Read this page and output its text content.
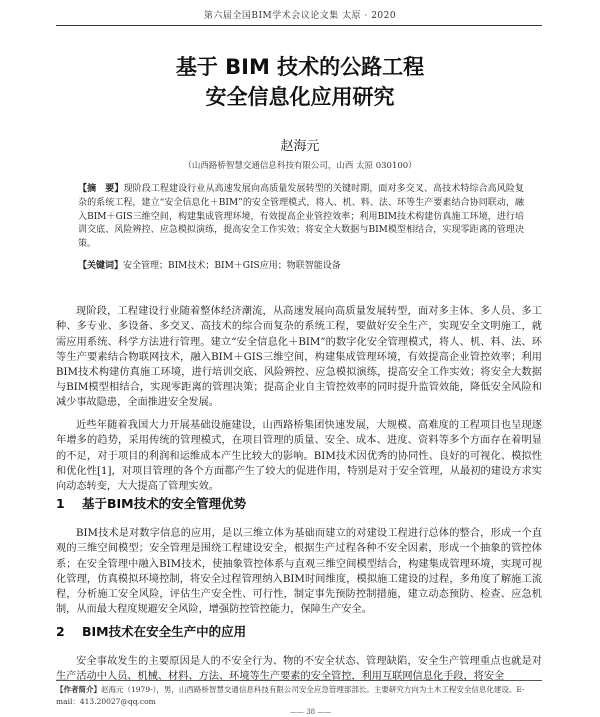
第六届全国BIM学术会议论文集 太原 · 2020
基于 BIM 技术的公路工程
安全信息化应用研究
赵海元
（山西路桥智慧交通信息科技有限公司，山西 太原 030100）
【摘　要】现阶段工程建设行业从高速发展向高质量发展转型的关键时期，面对多交叉、高技术特综合高风险复杂的系统工程，建立“安全信息化＋BIM”的安全管理模式，将人、机、料、法、环等生产要素结合协同联动，融入BIM＋GIS三维空间，构建集成管理环境，有效提高企业管控效率；利用BIM技术构建仿真施工环境，进行培训交底、风险辨控、应急模拟演练，提高安全工作实效；将安全大数据与BIM模型相结合，实现零距离的管理决策。
【关键词】安全管理；BIM技术；BIM＋GIS应用；物联智能设备

现阶段，工程建设行业随着整体经济潮流，从高速发展向高质量发展转型，面对多主体、多人员、多工种、多专业、多设备、多交叉、高技术的综合而复杂的系统工程，要做好安全生产，实现安全文明施工，就需应用系统、科学方法进行管理。建立“安全信息化＋BIM”的数字化安全管理模式，将人、机、料、法、环等生产要素结合物联网技术，融入BIM＋GIS三维空间，构建集成管理环境，有效提高企业管控效率；利用BIM技术构建仿真施工环境，进行培训交底、风险辨控、应急模拟演练，提高安全工作实效；将安全大数据与BIM模型相结合，实现零距离的管理决策；提高企业自主管控效率的同时提升监管效能，降低安全风险和减少事故隐患，全面推进安全发展。

近些年随着我国大力开展基础设施建设，山西路桥集团快速发展，大规模、高难度的工程项目也呈现逐年增多的趋势，采用传统的管理模式，在项目管理的质量、安全、成本、进度、资料等多个方面存在着明显的不足，对于项目的利润和运维成本产生比较大的影响。BIM技术因优秀的协同性、良好的可视化、模拟性和优化性[1]，对项目管理的各个方面都产生了较大的促进作用，特别是对于安全管理，从最初的建设方求实向动态转变，大大提高了管理实效。

1 基于BIM技术的安全管理优势

BIM技术是对数字信息的应用，是以三维立体为基础而建立的对建设工程进行总体的整合，形成一个直观的三维空间模型；安全管理是围绕工程建设安全，根据生产过程各种不安全因素，形成一个抽象的管控体系；在安全管理中融入BIM技术，使抽象管控体系与直观三维空间模型结合，构建集成管理环境，实现可视化管理，仿真模拟环境控制，将安全过程管理纳入BIM时间维度，模拟施工建设的过程，多角度了解施工流程，分析施工安全风险，评估生产安全性、可行性，制定事先预防控制措施，建立动态预防、检查、应急机制，从而最大程度规避安全风险，增强防控管控能力，保障生产安全。

2 BIM技术在安全生产中的应用

安全事故发生的主要原因是人的不安全行为、物的不安全状态、管理缺陷，安全生产管理重点也就是对生产活动中人员、机械、材料、方法、环境等生产要素的安全管控，利用互联网信息化手段，将安全

【作者简介】赵海元（1979-），男，山西路桥智慧交通信息科技有限公司安全应急管理部部长。主要研究方向为土木工程安全信息化建设。E-mail：413.20027@qq.com
—— 38 ——
